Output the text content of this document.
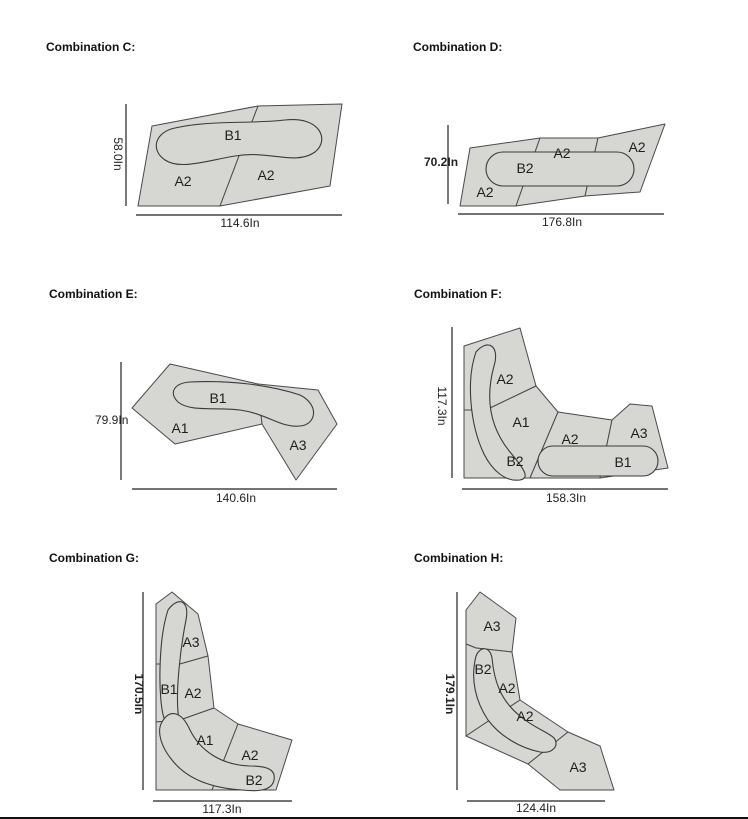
Combination C:
B1
A2	A2
114.6In
58.0In
Combination D:
A2	A2
B2
A2
176.8In
70.2In
Combination E:
B1
A1
A3
140.6In
79.9In
Combination F:
A2
A1
A2	A3
B2	B1
158.3In
117.3In
Combination G:
A3
B1 A2
A1
A2
B2
117.3In
170.5In
Combination H:
A3
B2
A2
A2
A3
124.4In
179.1In
